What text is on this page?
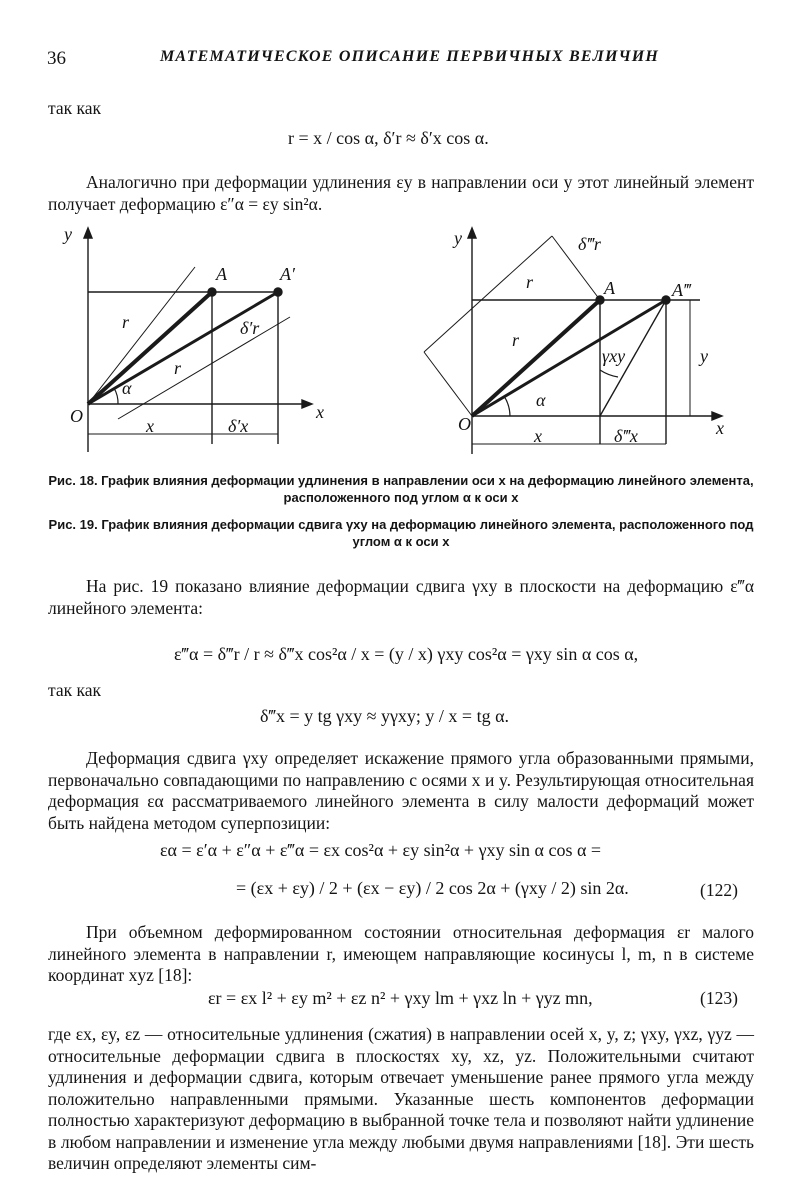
36	МАТЕМАТИЧЕСКОЕ ОПИСАНИЕ ПЕРВИЧНЫХ ВЕЛИЧИН
так как
r = x / cos α, δ′r ≈ δ′x cos α.
Аналогично при деформации удлинения εy в направлении оси y этот линейный элемент получает деформацию ε″α = εy sin²α.
y
x
O
A	A′
r
r
α
x	δ′x
δ′r
y
x
O
A	A‴
r
r
α
x	δ‴x
δ‴r
γxy	y
Рис. 18. График влияния деформации удлинения в направлении оси x на деформацию линейного элемента, расположенного под углом α к оси x
Рис. 19. График влияния деформации сдвига γxy на деформацию линейного элемента, расположенного под углом α к оси x
На рис. 19 показано влияние деформации сдвига γxy в плоскости на деформацию ε‴α линейного элемента:
ε‴α = δ‴r / r ≈ δ‴x cos²α / x = (y / x) γxy cos²α = γxy sin α cos α,
так как
δ‴x = y tg γxy ≈ yγxy; y / x = tg α.
Деформация сдвига γxy определяет искажение прямого угла образованными прямыми, первоначально совпадающими по направлению с осями x и y. Результирующая относительная деформация εα рассматриваемого линейного элемента в силу малости деформаций может быть найдена методом суперпозиции:
εα = ε′α + ε″α + ε‴α = εx cos²α + εy sin²α + γxy sin α cos α =
= (εx + εy) / 2 + (εx − εy) / 2 cos 2α + (γxy / 2) sin 2α.	(122)
При объемном деформированном состоянии относительная деформация εr малого линейного элемента в направлении r, имеющем направляющие косинусы l, m, n в системе координат xyz [18]:
εr = εx l² + εy m² + εz n² + γxy lm + γxz ln + γyz mn,	(123)
где εx, εy, εz — относительные удлинения (сжатия) в направлении осей x, y, z; γxy, γxz, γyz — относительные деформации сдвига в плоскостях xy, xz, yz. Положительными считают удлинения и деформации сдвига, которым отвечает уменьшение ранее прямого угла между положительно направленными прямыми. Указанные шесть компонентов деформации полностью характеризуют деформацию в выбранной точке тела и позволяют найти удлинение в любом направлении и изменение угла между любыми двумя направлениями [18]. Эти шесть величин определяют элементы сим-
